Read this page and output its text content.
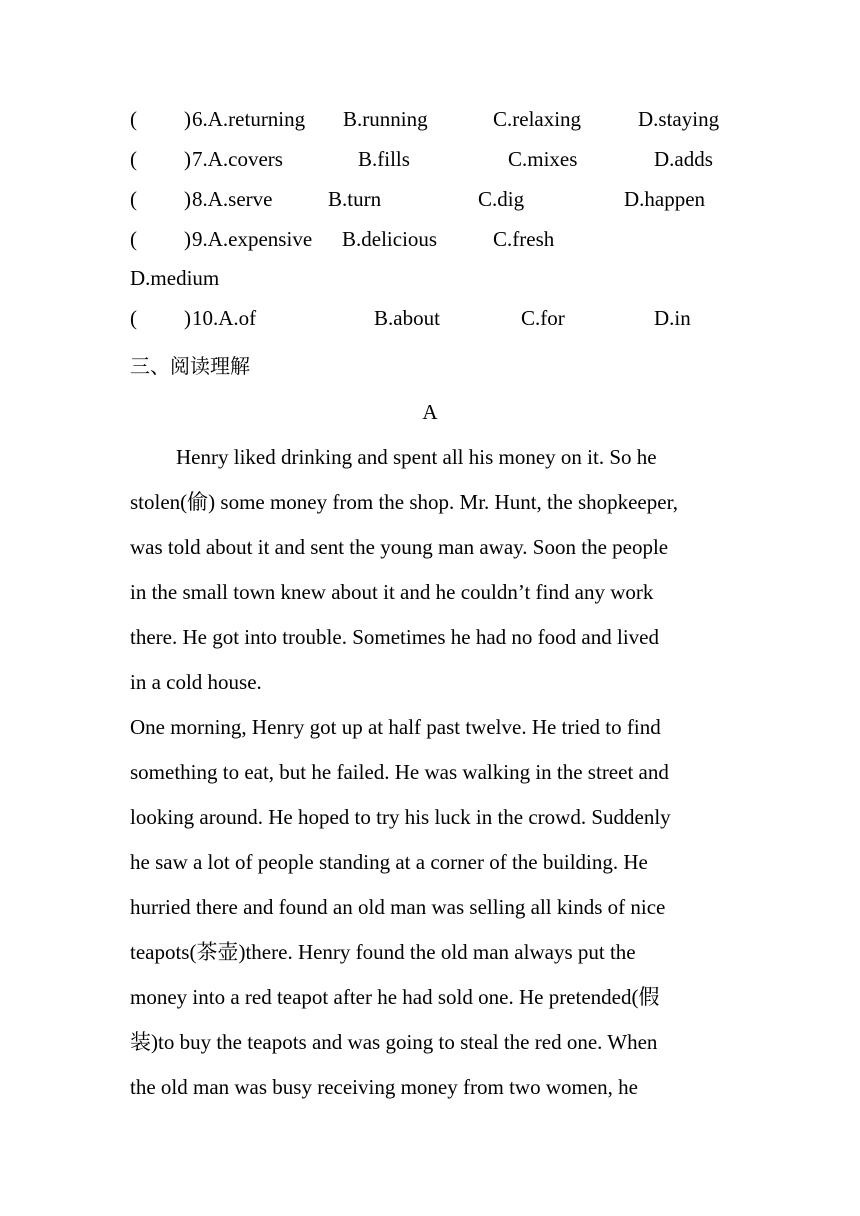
( ) 6.A.returning B.running	C.relaxing	D.staying
( ) 7.A.covers	B.fills	C.mixes	D.adds
( ) 8.A.serve	B.turn	C.dig	D.happen
( ) 9.A.expensive B.delicious	C.fresh
D.medium
( ) 10.A.of	B.about	C.for	D.in
三、阅读理解
A
Henry liked drinking and spent all his money on it. So he
stolen(偷) some money from the shop. Mr. Hunt, the shopkeeper,
was told about it and sent the young man away. Soon the people
in the small town knew about it and he couldn’t find any work
there. He got into trouble. Sometimes he had no food and lived
in a cold house.
One morning, Henry got up at half past twelve. He tried to find
something to eat, but he failed. He was walking in the street and
looking around. He hoped to try his luck in the crowd. Suddenly
he saw a lot of people standing at a corner of the building. He
hurried there and found an old man was selling all kinds of nice
teapots(茶壶)there. Henry found the old man always put the
money into a red teapot after he had sold one. He pretended(假
装)to buy the teapots and was going to steal the red one. When
the old man was busy receiving money from two women, he
